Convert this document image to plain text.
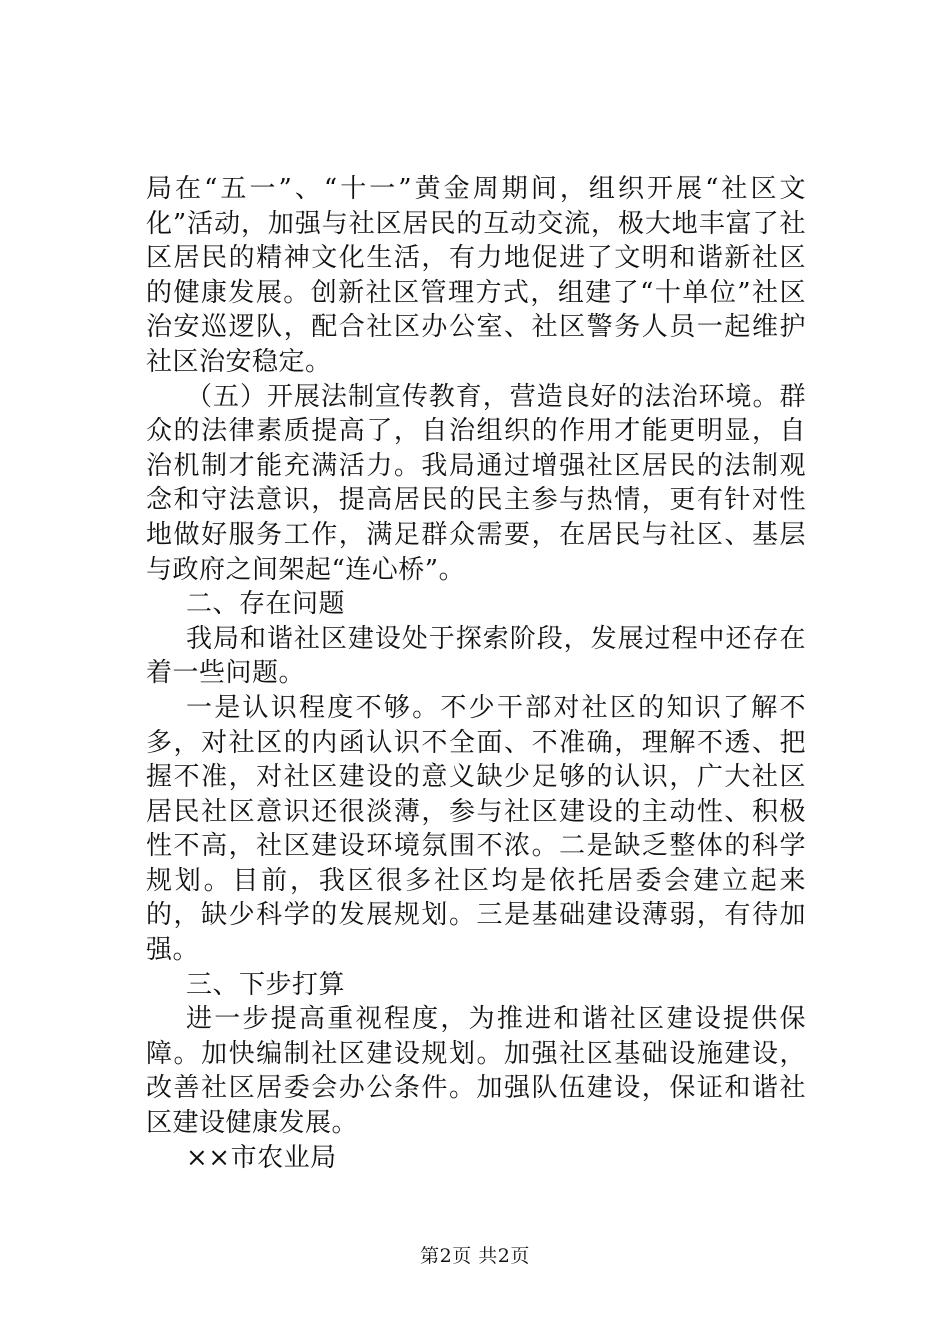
局在“五一”、“十一”黄金周期间，组织开展“社区文化”活动，加强与社区居民的互动交流，极大地丰富了社区居民的精神文化生活，有力地促进了文明和谐新社区的健康发展。创新社区管理方式，组建了“十单位”社区治安巡逻队，配合社区办公室、社区警务人员一起维护社区治安稳定。

（五）开展法制宣传教育，营造良好的法治环境。群众的法律素质提高了，自治组织的作用才能更明显，自治机制才能充满活力。我局通过增强社区居民的法制观念和守法意识，提高居民的民主参与热情，更有针对性地做好服务工作，满足群众需要，在居民与社区、基层与政府之间架起“连心桥”。

二、存在问题

我局和谐社区建设处于探索阶段，发展过程中还存在着一些问题。

一是认识程度不够。不少干部对社区的知识了解不多，对社区的内函认识不全面、不准确，理解不透、把握不准，对社区建设的意义缺少足够的认识，广大社区居民社区意识还很淡薄，参与社区建设的主动性、积极性不高，社区建设环境氛围不浓。二是缺乏整体的科学规划。目前，我区很多社区均是依托居委会建立起来的，缺少科学的发展规划。三是基础建设薄弱，有待加强。

三、下步打算

进一步提高重视程度，为推进和谐社区建设提供保障。加快编制社区建设规划。加强社区基础设施建设，改善社区居委会办公条件。加强队伍建设，保证和谐社区建设健康发展。

××市农业局

第2页 共2页
